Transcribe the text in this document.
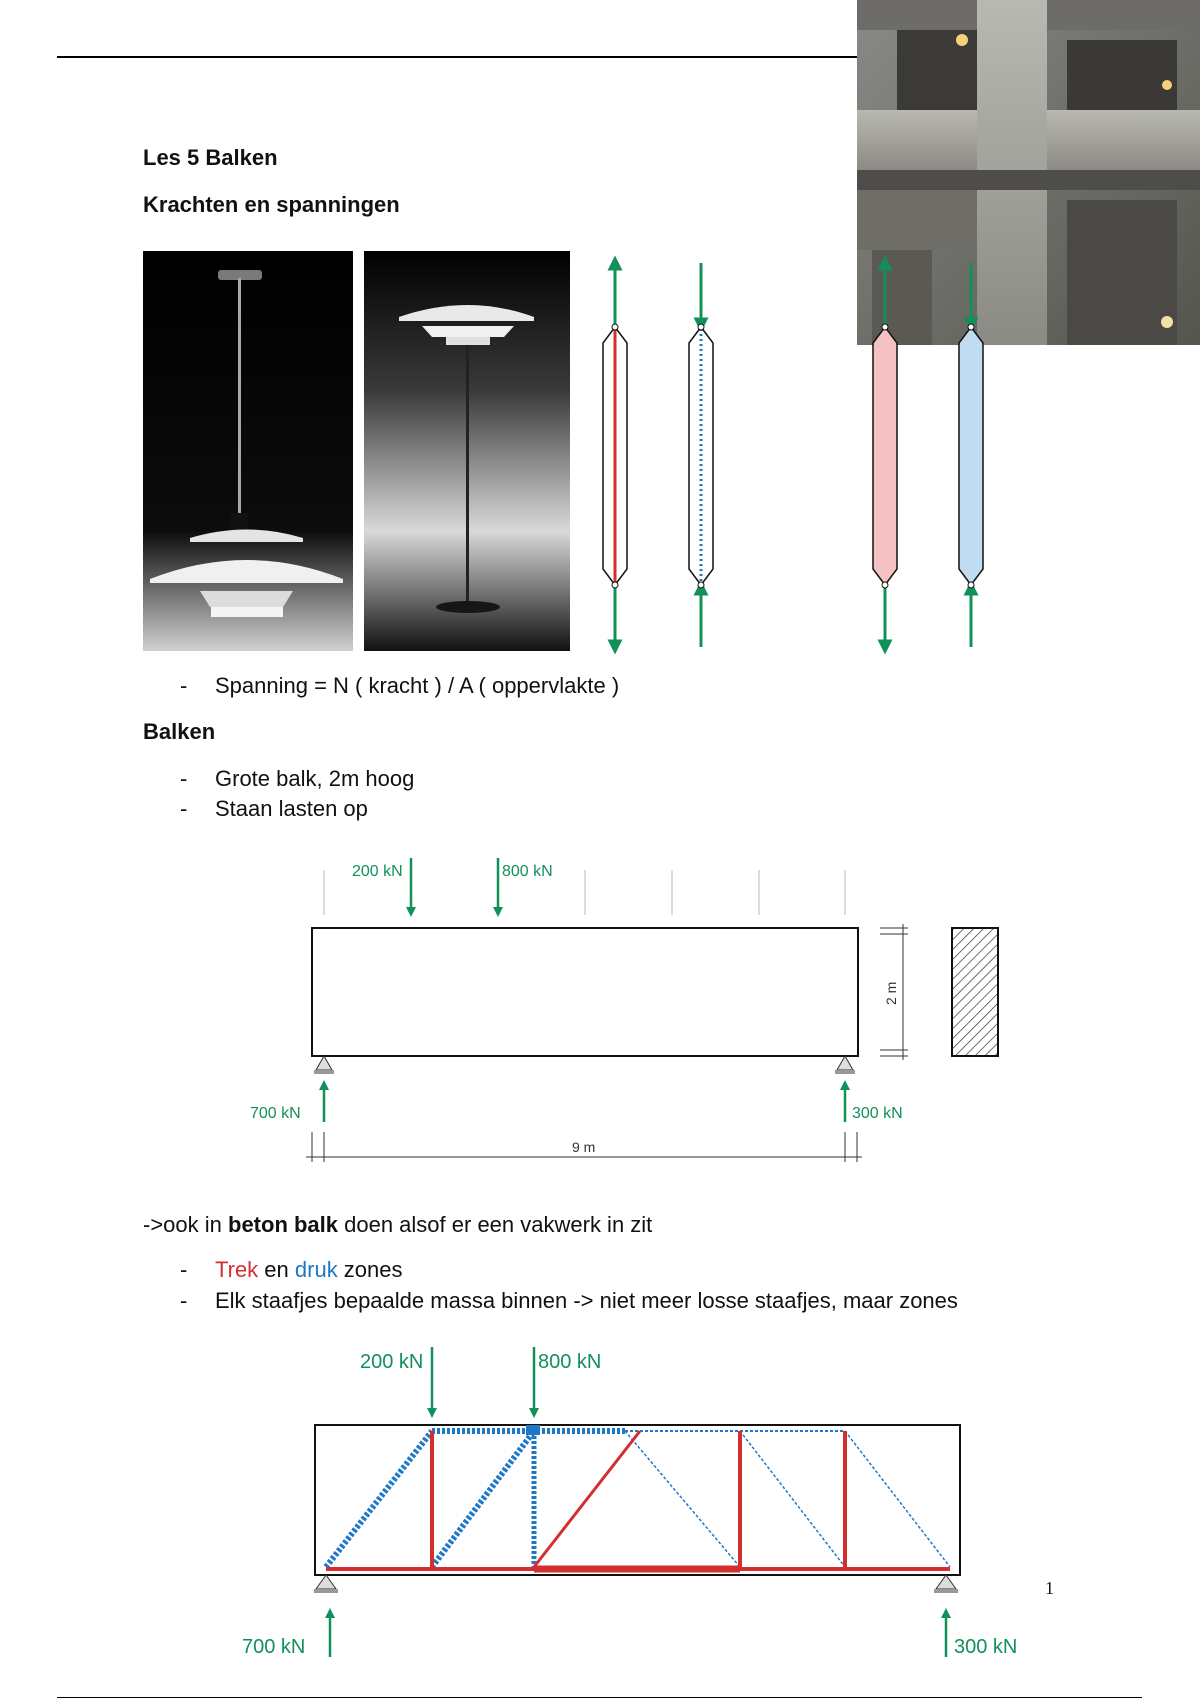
Les 5 Balken
Krachten en spanningen
- Spanning = N ( kracht ) / A ( oppervlakte )
Balken
- Grote balk, 2m hoog
- Staan lasten op
200 kN	800 kN
700 kN	300 kN
9 m
2 m
->ook in beton balk doen alsof er een vakwerk in zit
- Trek en druk zones
- Elk staafjes bepaalde massa binnen -> niet meer losse staafjes, maar zones
200 kN	800 kN
700 kN	300 kN
1
